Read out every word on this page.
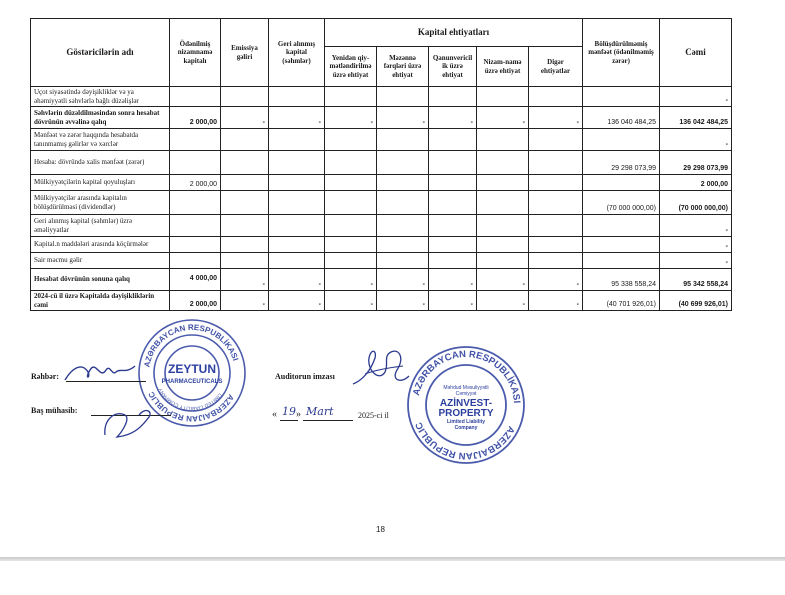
Göstəricilərin adı	Ödənilmiş nizamnamə kapitalı	Emissiya gəliri	Geri alınmış kapital (səhmlər)	Kapital ehtiyatları					Bölüşdürülməmiş mənfəət (ödənilməmiş zərər)	Cəmi
				Yenidən qiy-mətləndirilmə üzrə ehtiyat	Məzənnə fərqləri üzrə ehtiyat	Qanunvericil ik üzrə ehtiyat	Nizam-namə üzrə ehtiyat	Digər ehtiyatlar		
Uçot siyasətində dəyişikliklər və ya əhəmiyyətli səhvlərlə bağlı düzəlişlər										-
Səhvlərin düzəldilməsindən sonra hesabat dövrünün əvvəlinə qalıq	2 000,00	-	-	-	-	-	-	-	136 040 484,25	136 042 484,25
Mənfəət və zərər haqqında hesabatda tanınmamış gəlirlər və xərclər										-
Hesaba: dövründə xalis mənfəət (zərər)									29 298 073,99	29 298 073,99
Mülkiyyətçilərin kapital qoyuluşları	2 000,00									2 000,00
Mülkiyyətçilər arasında kapitalın bölüşdürülməsi (dividendlər)									(70 000 000,00)	(70 000 000,00)
Geri alınmış kapital (səhmlər) üzrə əməliyyatlar										-
Kapital.n maddələri arasında köçürmələr										-
Sair məcmu gəlir										-
Hesabat dövrünün sonuna qalıq	4 000,00	-	-	-	-	-	-	-	95 338 558,24	95 342 558,24
2024-cü il üzrə Kapitalda dəyişikliklərin cəmi	2 000,00	-	-	-	-	-	-	-	(40 701 926,01)	(40 699 926,01)
AZƏRBAYCAN RESPUBLİKASI
AZERBAIJAN REPUBLIC	LIMITED LIABILITY COMPANY
ZEYTUN
PHARMACEUTICALS
AZƏRBAYCAN RESPUBLİKASI
AZERBAIJAN REPUBLIC
Məhdud Məsuliyyətli
Cəmiyyət
AZİNVEST-
PROPERTY
Limited Liability
Company
Rəhbər:
Baş mühasib:
Auditorun imzası
« 19 » Mart	2025-ci il
18
